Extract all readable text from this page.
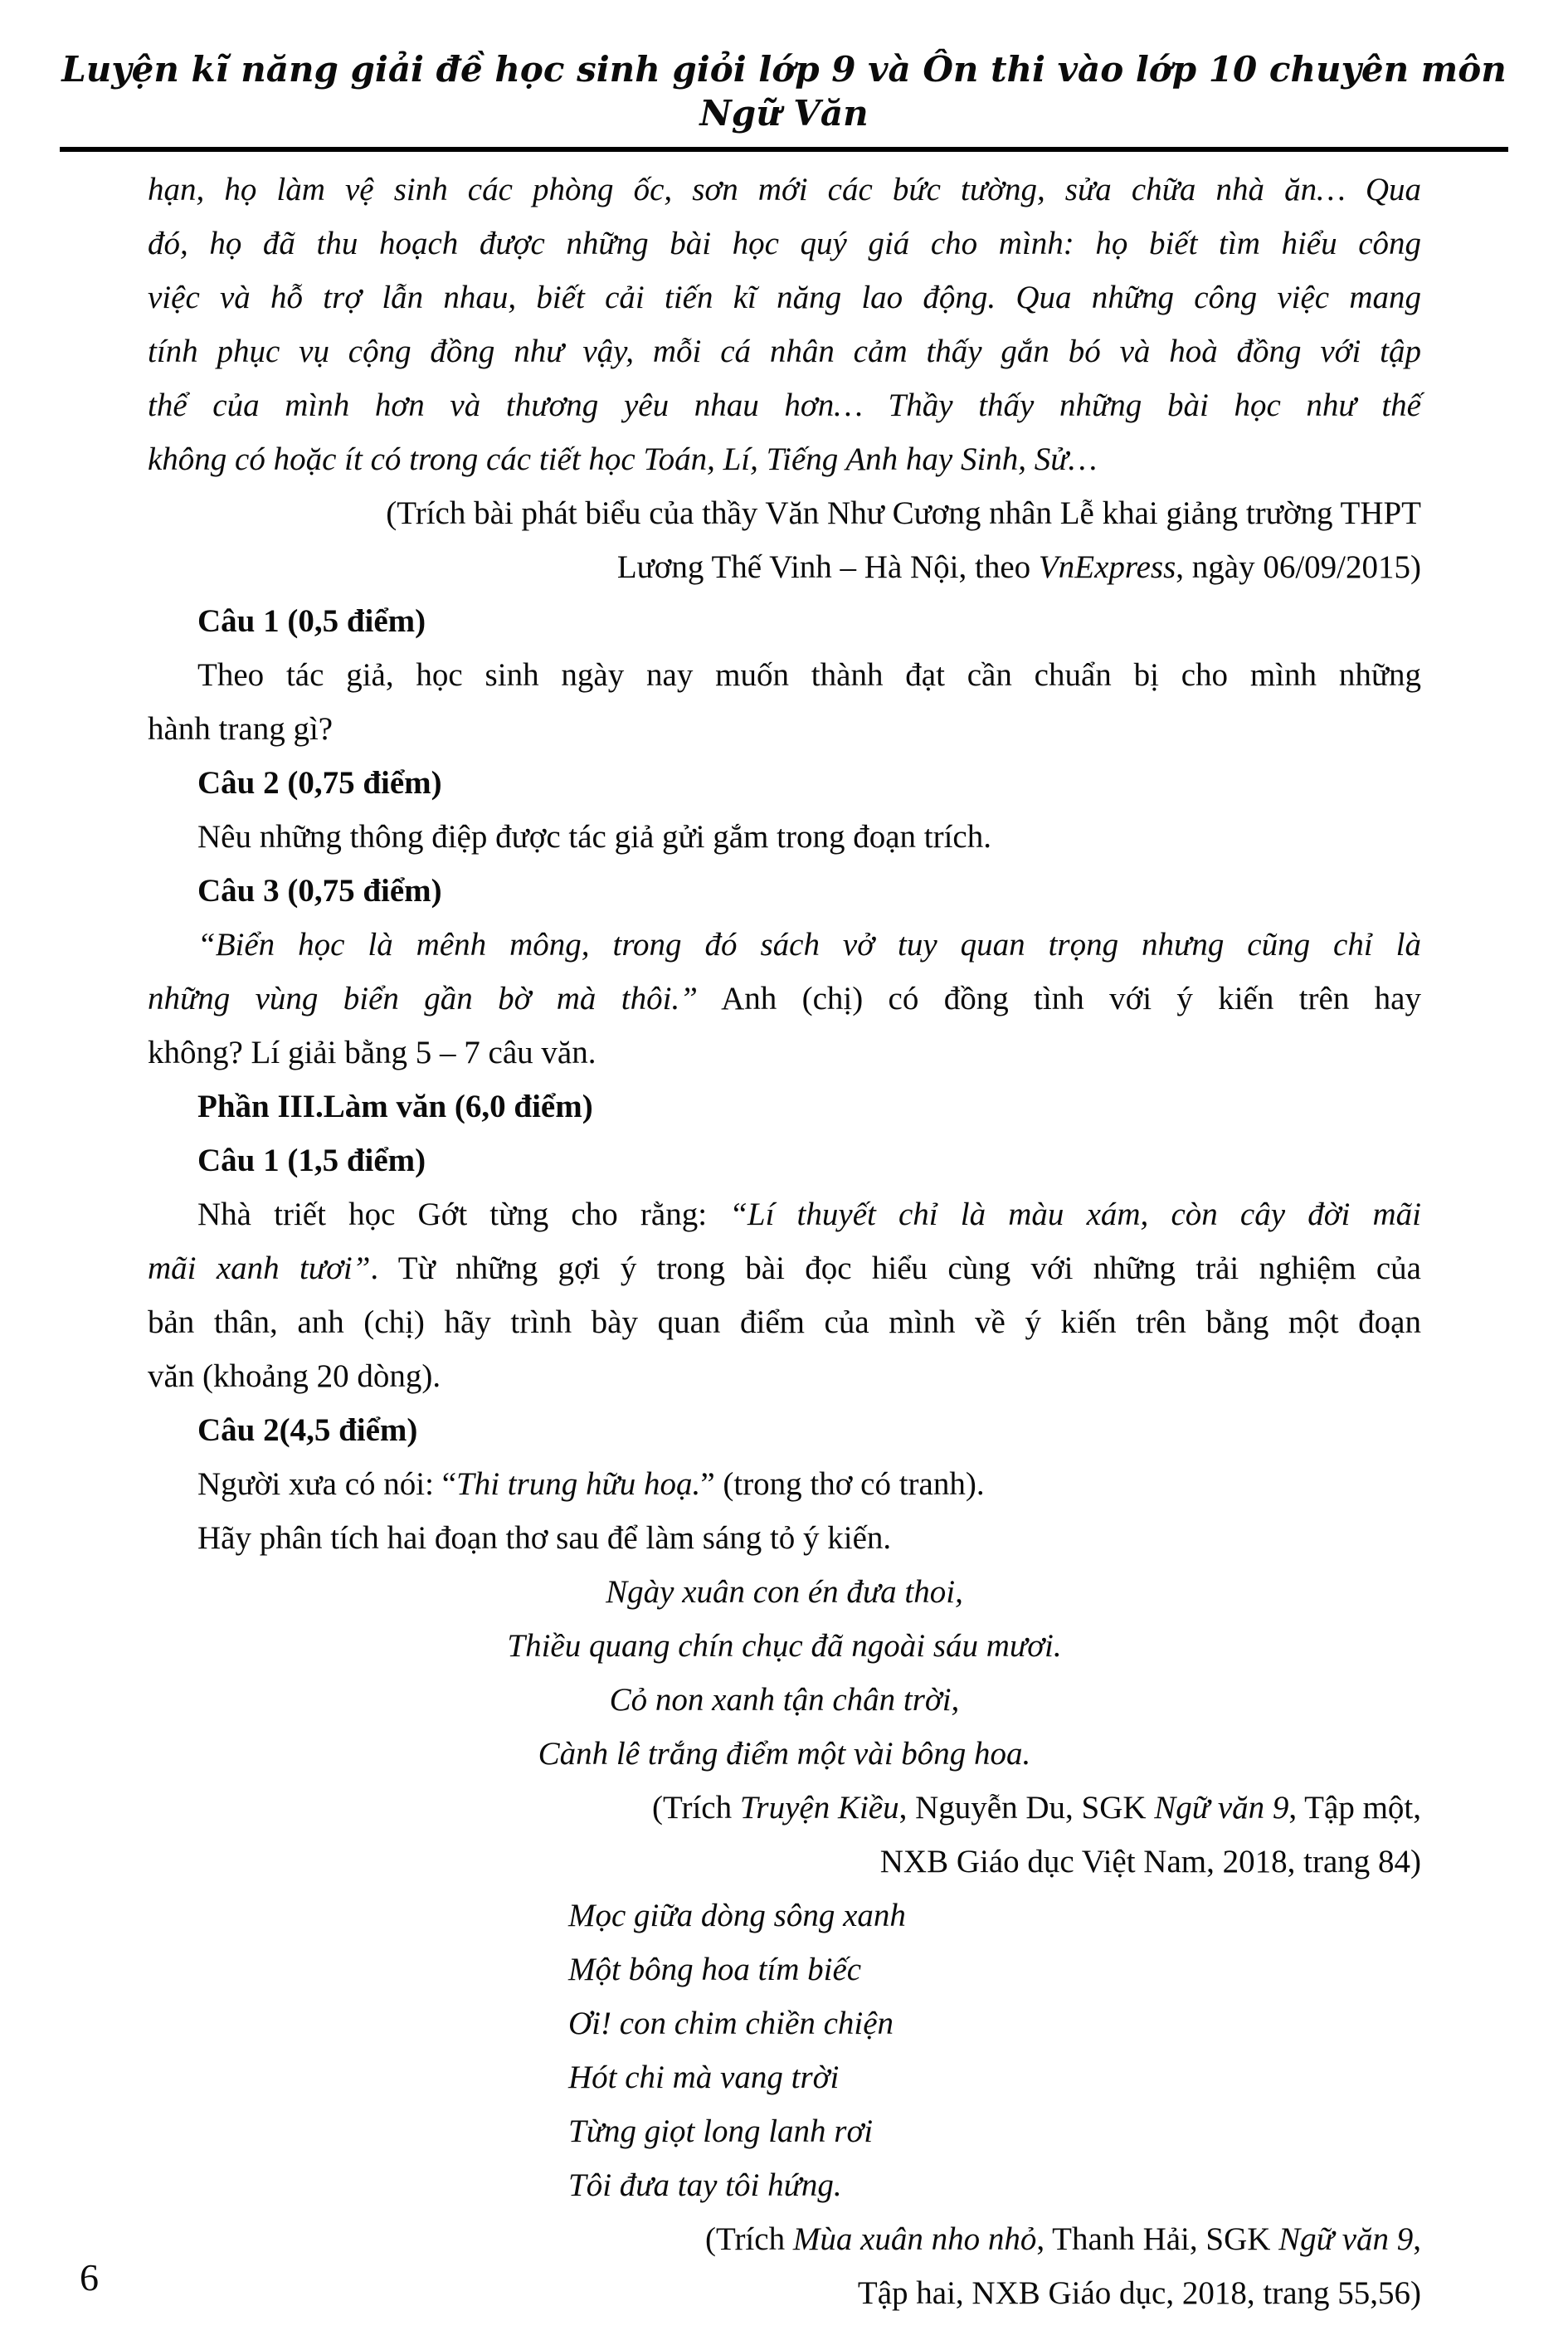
Luyện kĩ năng giải đề học sinh giỏi lớp 9 và Ôn thi vào lớp 10 chuyên môn Ngữ Văn
hạn, họ làm vệ sinh các phòng ốc, sơn mới các bức tường, sửa chữa nhà ăn… Qua
đó, họ đã thu hoạch được những bài học quý giá cho mình: họ biết tìm hiểu công
việc và hỗ trợ lẫn nhau, biết cải tiến kĩ năng lao động. Qua những công việc mang
tính phục vụ cộng đồng như vậy, mỗi cá nhân cảm thấy gắn bó và hoà đồng với tập
thể của mình hơn và thương yêu nhau hơn… Thầy thấy những bài học như thế
không có hoặc ít có trong các tiết học Toán, Lí, Tiếng Anh hay Sinh, Sử…
(Trích bài phát biểu của thầy Văn Như Cương nhân Lễ khai giảng trường THPT
Lương Thế Vinh – Hà Nội, theo VnExpress, ngày 06/09/2015)
Câu 1 (0,5 điểm)
Theo tác giả, học sinh ngày nay muốn thành đạt cần chuẩn bị cho mình những
hành trang gì?
Câu 2 (0,75 điểm)
Nêu những thông điệp được tác giả gửi gắm trong đoạn trích.
Câu 3 (0,75 điểm)
“Biển học là mênh mông, trong đó sách vở tuy quan trọng nhưng cũng chỉ là
những vùng biển gần bờ mà thôi.” Anh (chị) có đồng tình với ý kiến trên hay
không? Lí giải bằng 5 – 7 câu văn.
Phần III.Làm văn (6,0 điểm)
Câu 1 (1,5 điểm)
Nhà triết học Gớt từng cho rằng: “Lí thuyết chỉ là màu xám, còn cây đời mãi
mãi xanh tươi”. Từ những gợi ý trong bài đọc hiểu cùng với những trải nghiệm của
bản thân, anh (chị) hãy trình bày quan điểm của mình về ý kiến trên bằng một đoạn
văn (khoảng 20 dòng).
Câu 2(4,5 điểm)
Người xưa có nói: “Thi trung hữu hoạ.” (trong thơ có tranh).
Hãy phân tích hai đoạn thơ sau để làm sáng tỏ ý kiến.
Ngày xuân con én đưa thoi,
Thiều quang chín chục đã ngoài sáu mươi.
Cỏ non xanh tận chân trời,
Cành lê trắng điểm một vài bông hoa.
(Trích Truyện Kiều, Nguyễn Du, SGK Ngữ văn 9, Tập một,
NXB Giáo dục Việt Nam, 2018, trang 84)
Mọc giữa dòng sông xanh
Một bông hoa tím biếc
Ơi! con chim chiền chiện
Hót chi mà vang trời
Từng giọt long lanh rơi
Tôi đưa tay tôi hứng.
(Trích Mùa xuân nho nhỏ, Thanh Hải, SGK Ngữ văn 9,
Tập hai, NXB Giáo dục, 2018, trang 55,56)
6
